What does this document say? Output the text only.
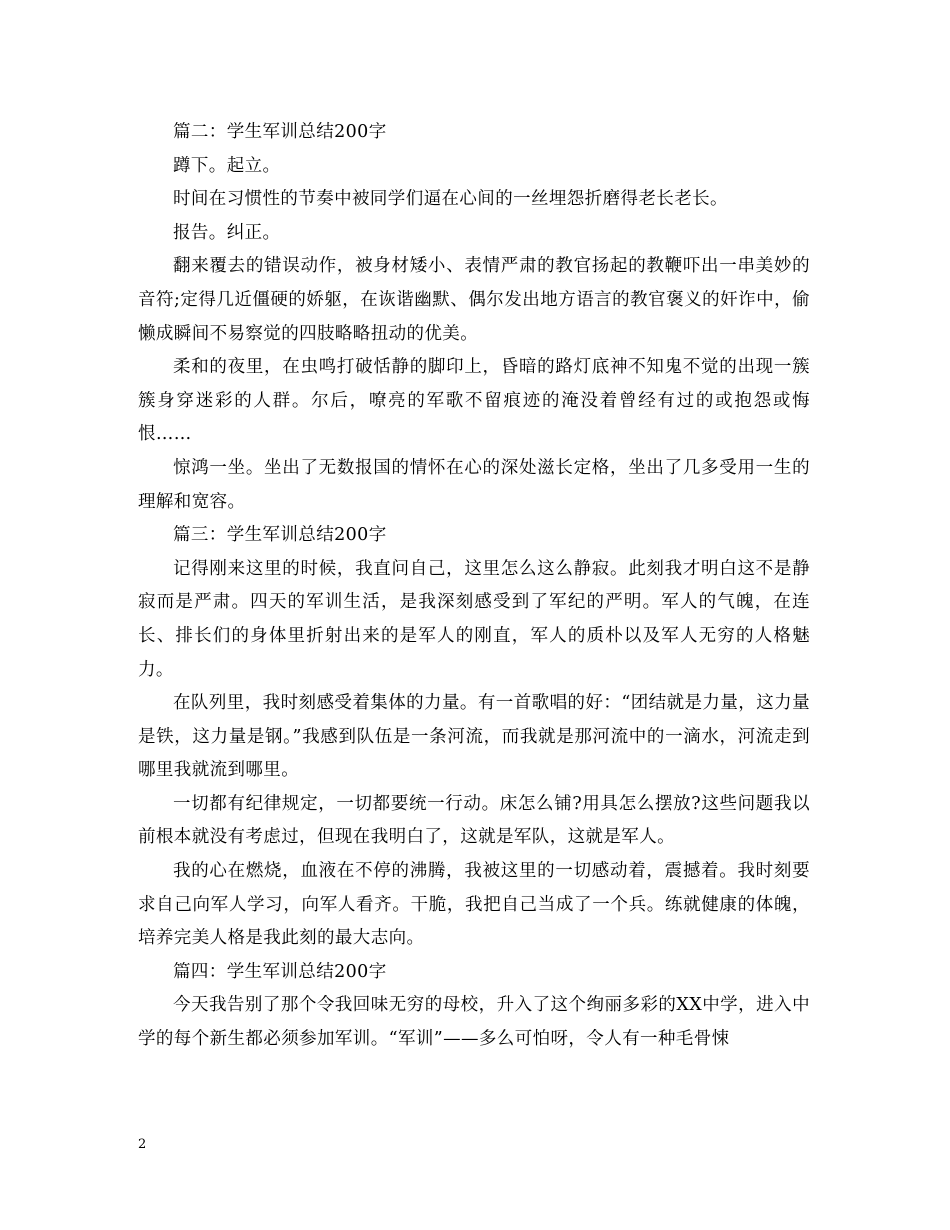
篇二：学生军训总结200字

蹲下。起立。

时间在习惯性的节奏中被同学们逼在心间的一丝埋怨折磨得老长老长。

报告。纠正。

翻来覆去的错误动作，被身材矮小、表情严肃的教官扬起的教鞭吓出一串美妙的音符;定得几近僵硬的娇躯，在诙谐幽默、偶尔发出地方语言的教官褒义的奸诈中，偷懒成瞬间不易察觉的四肢略略扭动的优美。

柔和的夜里，在虫鸣打破恬静的脚印上，昏暗的路灯底神不知鬼不觉的出现一簇簇身穿迷彩的人群。尔后，嘹亮的军歌不留痕迹的淹没着曾经有过的或抱怨或悔恨……

惊鸿一坐。坐出了无数报国的情怀在心的深处滋长定格，坐出了几多受用一生的理解和宽容。

篇三：学生军训总结200字

记得刚来这里的时候，我直问自己，这里怎么这么静寂。此刻我才明白这不是静寂而是严肃。四天的军训生活，是我深刻感受到了军纪的严明。军人的气魄，在连长、排长们的身体里折射出来的是军人的刚直，军人的质朴以及军人无穷的人格魅力。

在队列里，我时刻感受着集体的力量。有一首歌唱的好：“团结就是力量，这力量是铁，这力量是钢。”我感到队伍是一条河流，而我就是那河流中的一滴水，河流走到哪里我就流到哪里。

一切都有纪律规定，一切都要统一行动。床怎么铺?用具怎么摆放?这些问题我以前根本就没有考虑过，但现在我明白了，这就是军队，这就是军人。

我的心在燃烧，血液在不停的沸腾，我被这里的一切感动着，震撼着。我时刻要求自己向军人学习，向军人看齐。干脆，我把自己当成了一个兵。练就健康的体魄，培养完美人格是我此刻的最大志向。

篇四：学生军训总结200字

今天我告别了那个令我回味无穷的母校，升入了这个绚丽多彩的XX中学，进入中学的每个新生都必须参加军训。“军训”——多么可怕呀，令人有一种毛骨悚

2
